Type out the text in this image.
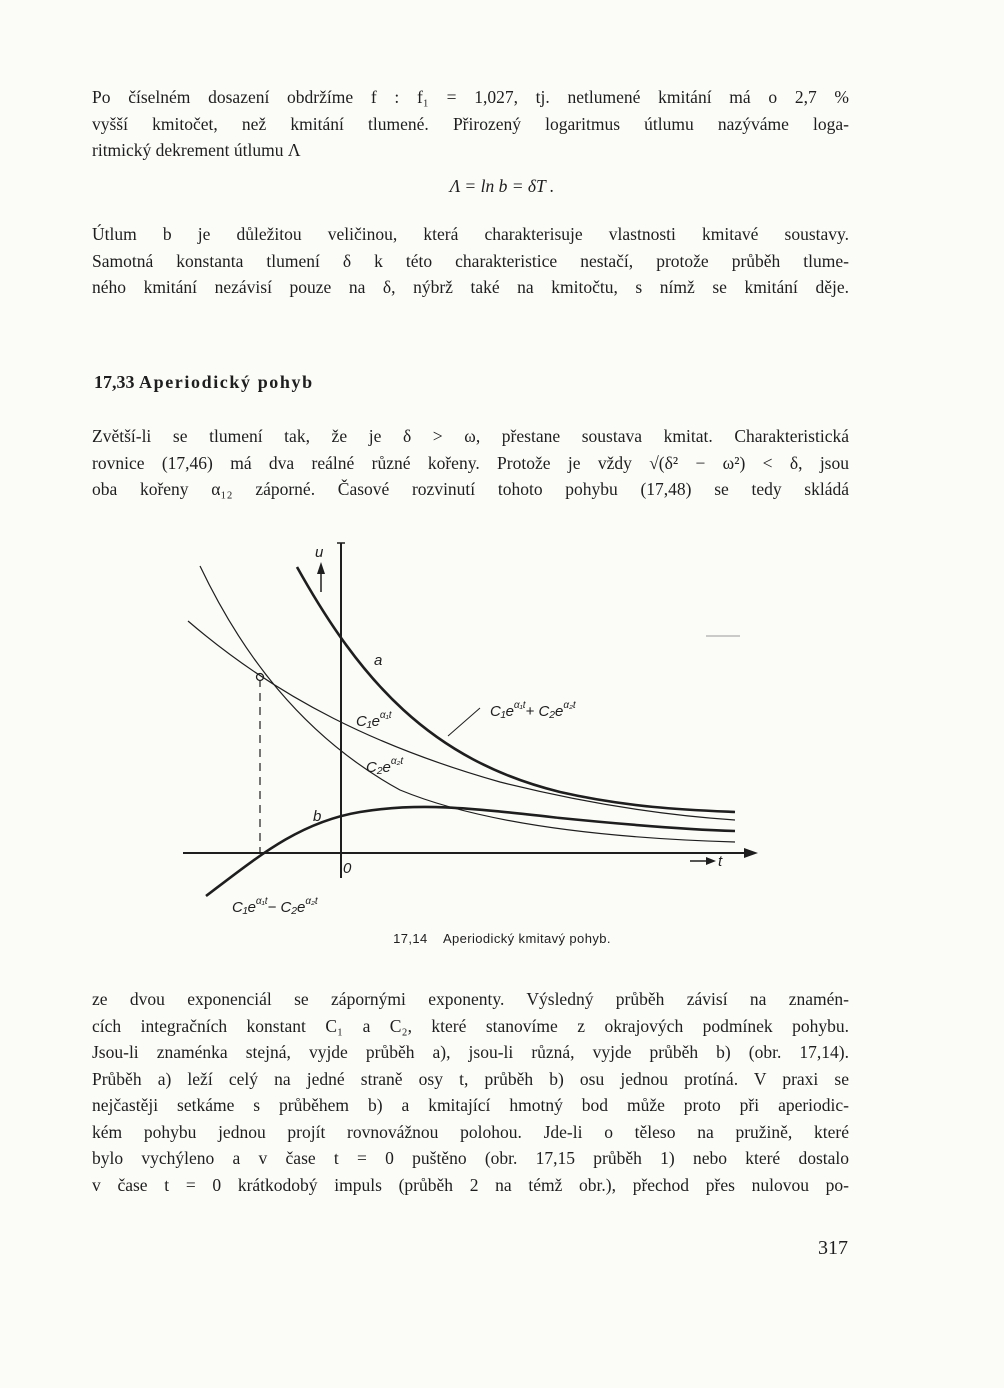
Po číselném dosazení obdržíme f : f₁ = 1,027, tj. netlumené kmitání má o 2,7 %
vyšší kmitočet, než kmitání tlumené. Přirozený logaritmus útlumu nazýváme loga-
ritmický dekrement útlumu Λ

Λ = ln b = δT .

Útlum b je důležitou veličinou, která charakterisuje vlastnosti kmitavé soustavy.
Samotná konstanta tlumení δ k této charakteristice nestačí, protože průběh tlume-
ného kmitání nezávisí pouze na δ, nýbrž také na kmitočtu, s nímž se kmitání děje.

17,33 Aperiodický pohyb

Zvětší-li se tlumení tak, že je δ > ω, přestane soustava kmitat. Charakteristická
rovnice (17,46) má dva reálné různé kořeny. Protože je vždy √(δ² − ω²) < δ, jsou
oba kořeny α₁₂ záporné. Časové rozvinutí tohoto pohybu (17,48) se tedy skládá

u
t
0
a
b
$C_1e^{\alpha_1t}$
$C_2e^{\alpha_2t}$
$C_1e^{\alpha_1t}+ C_2e^{\alpha_2t}$
$C_1e^{\alpha_1t}- C_2e^{\alpha_2t}$
17,14 Aperiodický kmitavý pohyb.

ze dvou exponenciál se zápornými exponenty. Výsledný průběh závisí na znamén-
cích integračních konstant C₁ a C₂, které stanovíme z okrajových podmínek pohybu.
Jsou-li znaménka stejná, vyjde průběh a), jsou-li různá, vyjde průběh b) (obr. 17,14).
Průběh a) leží celý na jedné straně osy t, průběh b) osu jednou protíná. V praxi se
nejčastěji setkáme s průběhem b) a kmitající hmotný bod může proto při aperiodic-
kém pohybu jednou projít rovnovážnou polohou. Jde-li o těleso na pružině, které
bylo vychýleno a v čase t = 0 puštěno (obr. 17,15 průběh 1) nebo které dostalo
v čase t = 0 krátkodobý impuls (průběh 2 na témž obr.), přechod přes nulovou po-

317
